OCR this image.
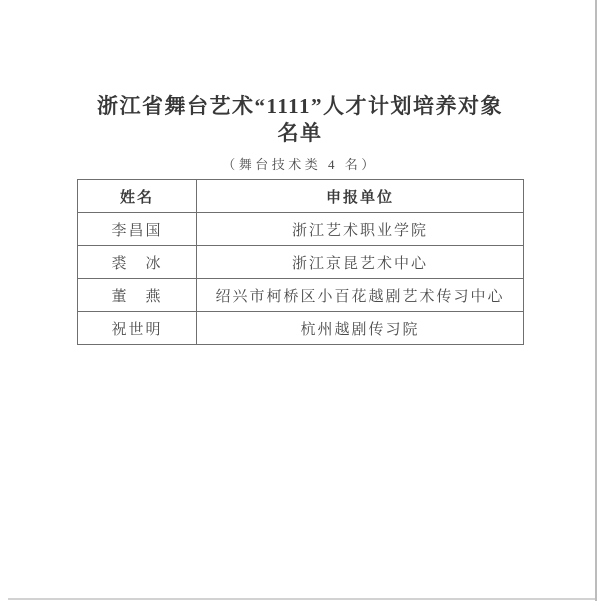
浙江省舞台艺术“1111”人才计划培养对象
名单
（舞台技术类 4 名）
姓名	申报单位
李昌国	浙江艺术职业学院
裘　冰	浙江京昆艺术中心
董　燕	绍兴市柯桥区小百花越剧艺术传习中心
祝世明	杭州越剧传习院
